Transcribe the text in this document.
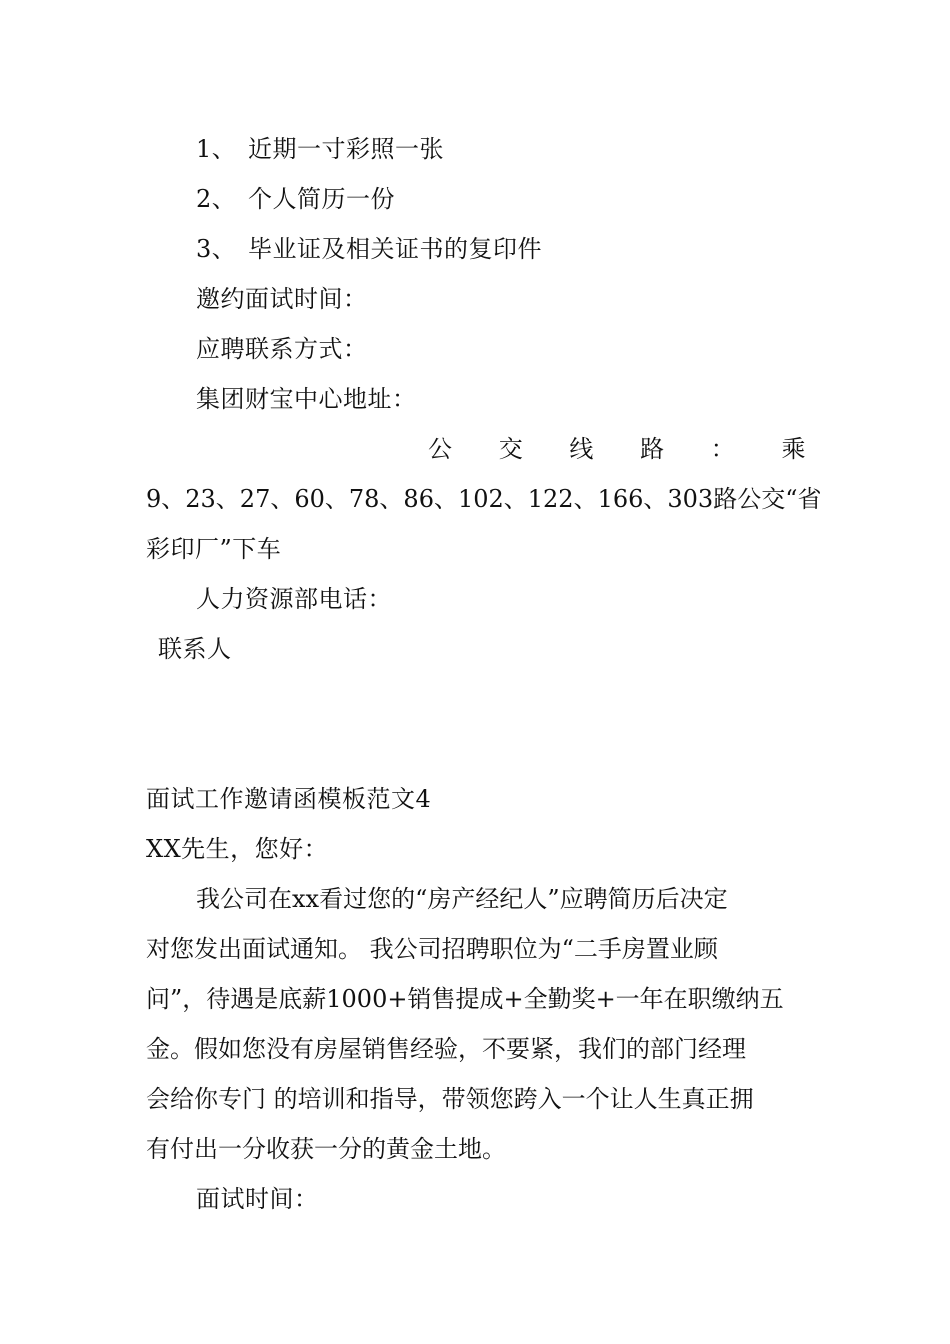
1、 近期一寸彩照一张
2、 个人简历一份
3、 毕业证及相关证书的复印件
邀约面试时间：
应聘联系方式：
集团财宝中心地址：
公 交 线 路 ： 乘
9、23、27、60、78、86、102、122、166、303路公交“省
彩印厂”下车
人力资源部电话：
联系人
面试工作邀请函模板范文4
XX先生，您好：
我公司在xx看过您的“房产经纪人”应聘简历后决定
对您发出面试通知。 我公司招聘职位为“二手房置业顾
问”，待遇是底薪1000+销售提成+全勤奖+一年在职缴纳五
金。假如您没有房屋销售经验，不要紧，我们的部门经理
会给你专门 的培训和指导，带领您跨入一个让人生真正拥
有付出一分收获一分的黄金土地。
面试时间：
